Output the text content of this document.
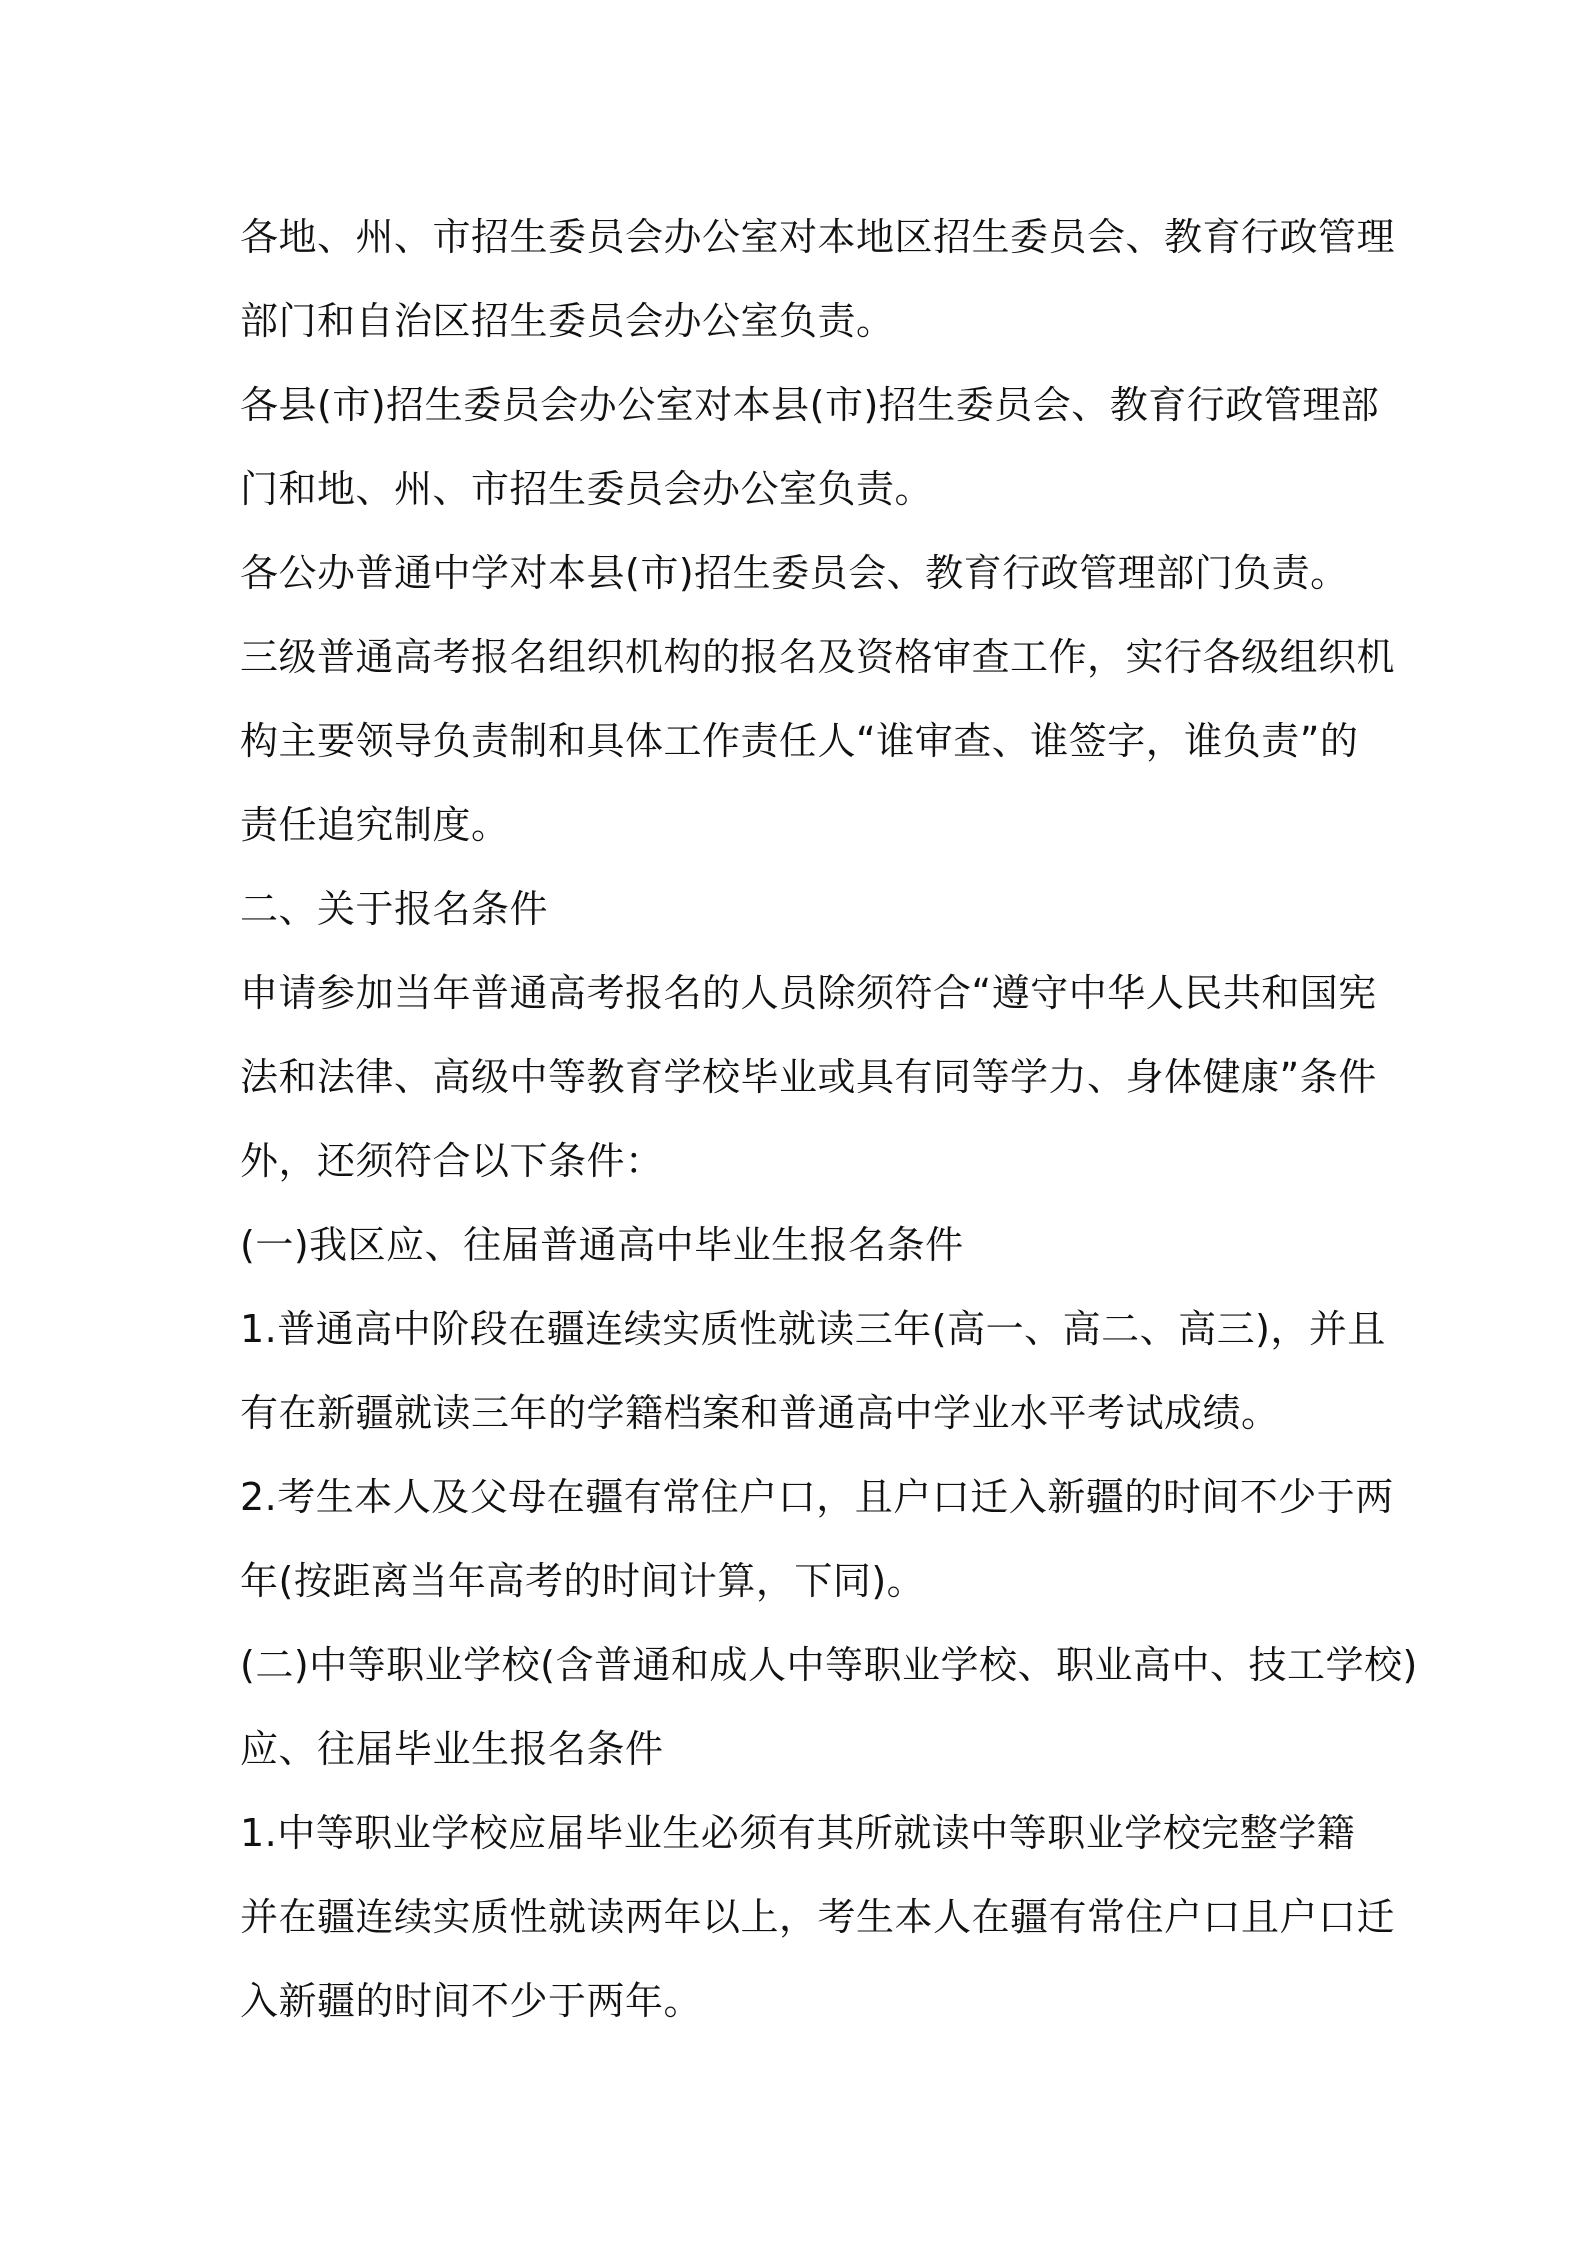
各地、州、市招生委员会办公室对本地区招生委员会、教育行政管理
部门和自治区招生委员会办公室负责。
各县(市)招生委员会办公室对本县(市)招生委员会、教育行政管理部
门和地、州、市招生委员会办公室负责。
各公办普通中学对本县(市)招生委员会、教育行政管理部门负责。
三级普通高考报名组织机构的报名及资格审查工作，实行各级组织机
构主要领导负责制和具体工作责任人“谁审查、谁签字，谁负责”的
责任追究制度。
二、关于报名条件
申请参加当年普通高考报名的人员除须符合“遵守中华人民共和国宪
法和法律、高级中等教育学校毕业或具有同等学力、身体健康”条件
外，还须符合以下条件：
(一)我区应、往届普通高中毕业生报名条件
1.普通高中阶段在疆连续实质性就读三年(高一、高二、高三)，并且
有在新疆就读三年的学籍档案和普通高中学业水平考试成绩。
2.考生本人及父母在疆有常住户口，且户口迁入新疆的时间不少于两
年(按距离当年高考的时间计算，下同)。
(二)中等职业学校(含普通和成人中等职业学校、职业高中、技工学校)
应、往届毕业生报名条件
1.中等职业学校应届毕业生必须有其所就读中等职业学校完整学籍
并在疆连续实质性就读两年以上，考生本人在疆有常住户口且户口迁
入新疆的时间不少于两年。
